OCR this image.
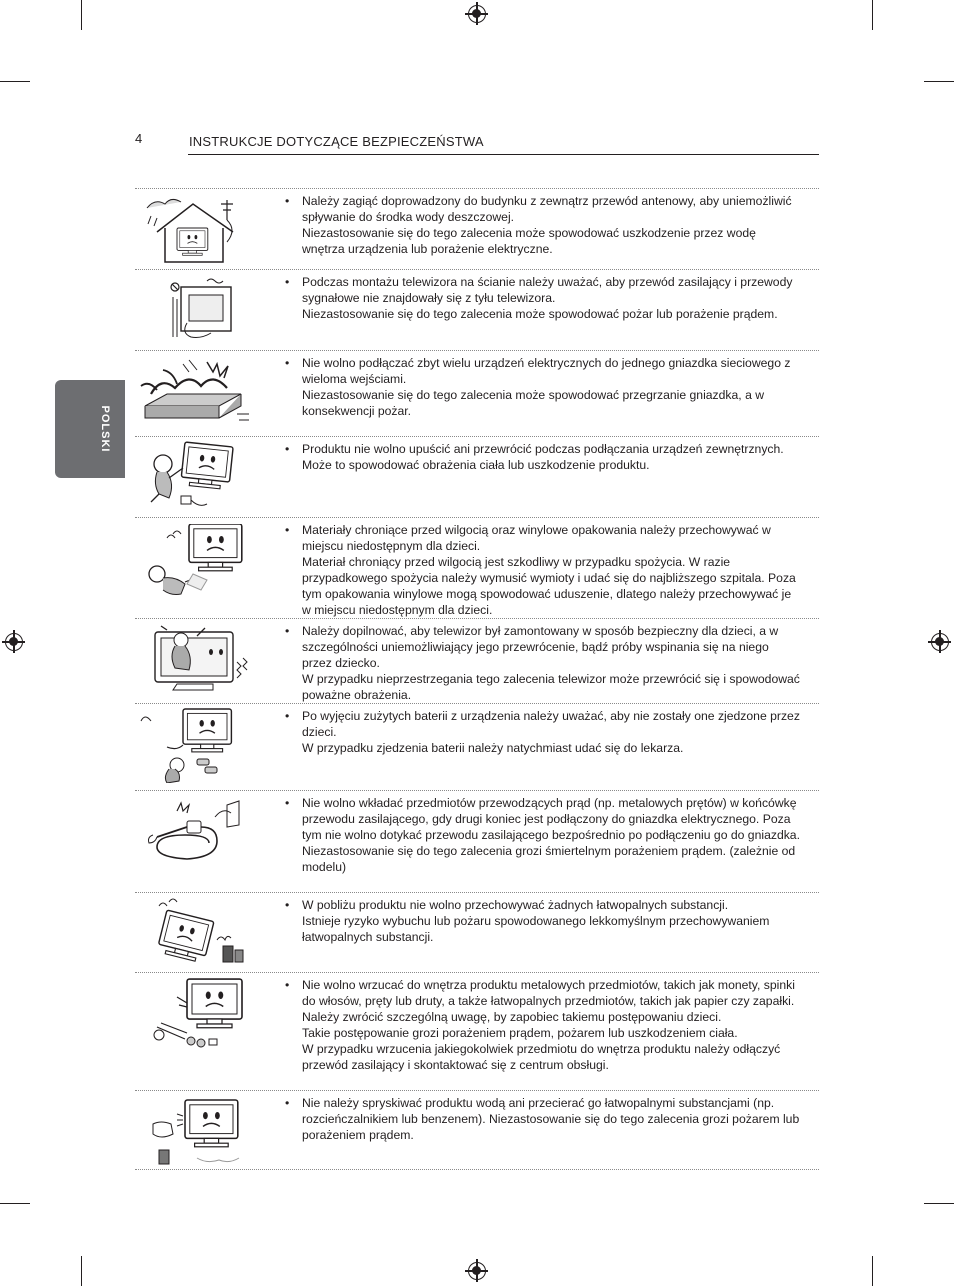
4	INSTRUKCJE DOTYCZĄCE BEZPIECZEŃSTWA
POLSKI
• Należy zagiąć doprowadzony do budynku z zewnątrz przewód antenowy, aby uniemożliwić spływanie do środka wody deszczowej.

Niezastosowanie się do tego zalecenia może spowodować uszkodzenie przez wodę wnętrza urządzenia lub porażenie elektryczne.

• Podczas montażu telewizora na ścianie należy uważać, aby przewód zasilający i przewody sygnałowe nie znajdowały się z tyłu telewizora.

Niezastosowanie się do tego zalecenia może spowodować pożar lub porażenie prądem.

• Nie wolno podłączać zbyt wielu urządzeń elektrycznych do jednego gniazdka sieciowego z wieloma wejściami.

Niezastosowanie się do tego zalecenia może spowodować przegrzanie gniazdka, a w konsekwencji pożar.

• Produktu nie wolno upuścić ani przewrócić podczas podłączania urządzeń zewnętrznych.

Może to spowodować obrażenia ciała lub uszkodzenie produktu.

• Materiały chroniące przed wilgocią oraz winylowe opakowania należy przechowywać w miejscu niedostępnym dla dzieci.

Materiał chroniący przed wilgocią jest szkodliwy w przypadku spożycia. W razie przypadkowego spożycia należy wymusić wymioty i udać się do najbliższego szpitala. Poza tym opakowania winylowe mogą spowodować uduszenie, dlatego należy przechowywać je w miejscu niedostępnym dla dzieci.

• Należy dopilnować, aby telewizor był zamontowany w sposób bezpieczny dla dzieci, a w szczególności uniemożliwiający jego przewrócenie, bądź próby wspinania się na niego przez dziecko.

W przypadku nieprzestrzegania tego zalecenia telewizor może przewrócić się i spowodować poważne obrażenia.

• Po wyjęciu zużytych baterii z urządzenia należy uważać, aby nie zostały one zjedzone przez dzieci.

W przypadku zjedzenia baterii należy natychmiast udać się do lekarza.

• Nie wolno wkładać przedmiotów przewodzących prąd (np. metalowych prętów) w końcówkę przewodu zasilającego, gdy drugi koniec jest podłączony do gniazdka elektrycznego. Poza tym nie wolno dotykać przewodu zasilającego bezpośrednio po podłączeniu go do gniazdka.

Niezastosowanie się do tego zalecenia grozi śmiertelnym porażeniem prądem. (zależnie od modelu)

• W pobliżu produktu nie wolno przechowywać żadnych łatwopalnych substancji.

Istnieje ryzyko wybuchu lub pożaru spowodowanego lekkomyślnym przechowywaniem łatwopalnych substancji.

• Nie wolno wrzucać do wnętrza produktu metalowych przedmiotów, takich jak monety, spinki do włosów, pręty lub druty, a także łatwopalnych przedmiotów, takich jak papier czy zapałki. Należy zwrócić szczególną uwagę, by zapobiec takiemu postępowaniu dzieci.

Takie postępowanie grozi porażeniem prądem, pożarem lub uszkodzeniem ciała.

W przypadku wrzucenia jakiegokolwiek przedmiotu do wnętrza produktu należy odłączyć przewód zasilający i skontaktować się z centrum obsługi.

• Nie należy spryskiwać produktu wodą ani przecierać go łatwopalnymi substancjami (np. rozcieńczalnikiem lub benzenem). Niezastosowanie się do tego zalecenia grozi pożarem lub porażeniem prądem.
